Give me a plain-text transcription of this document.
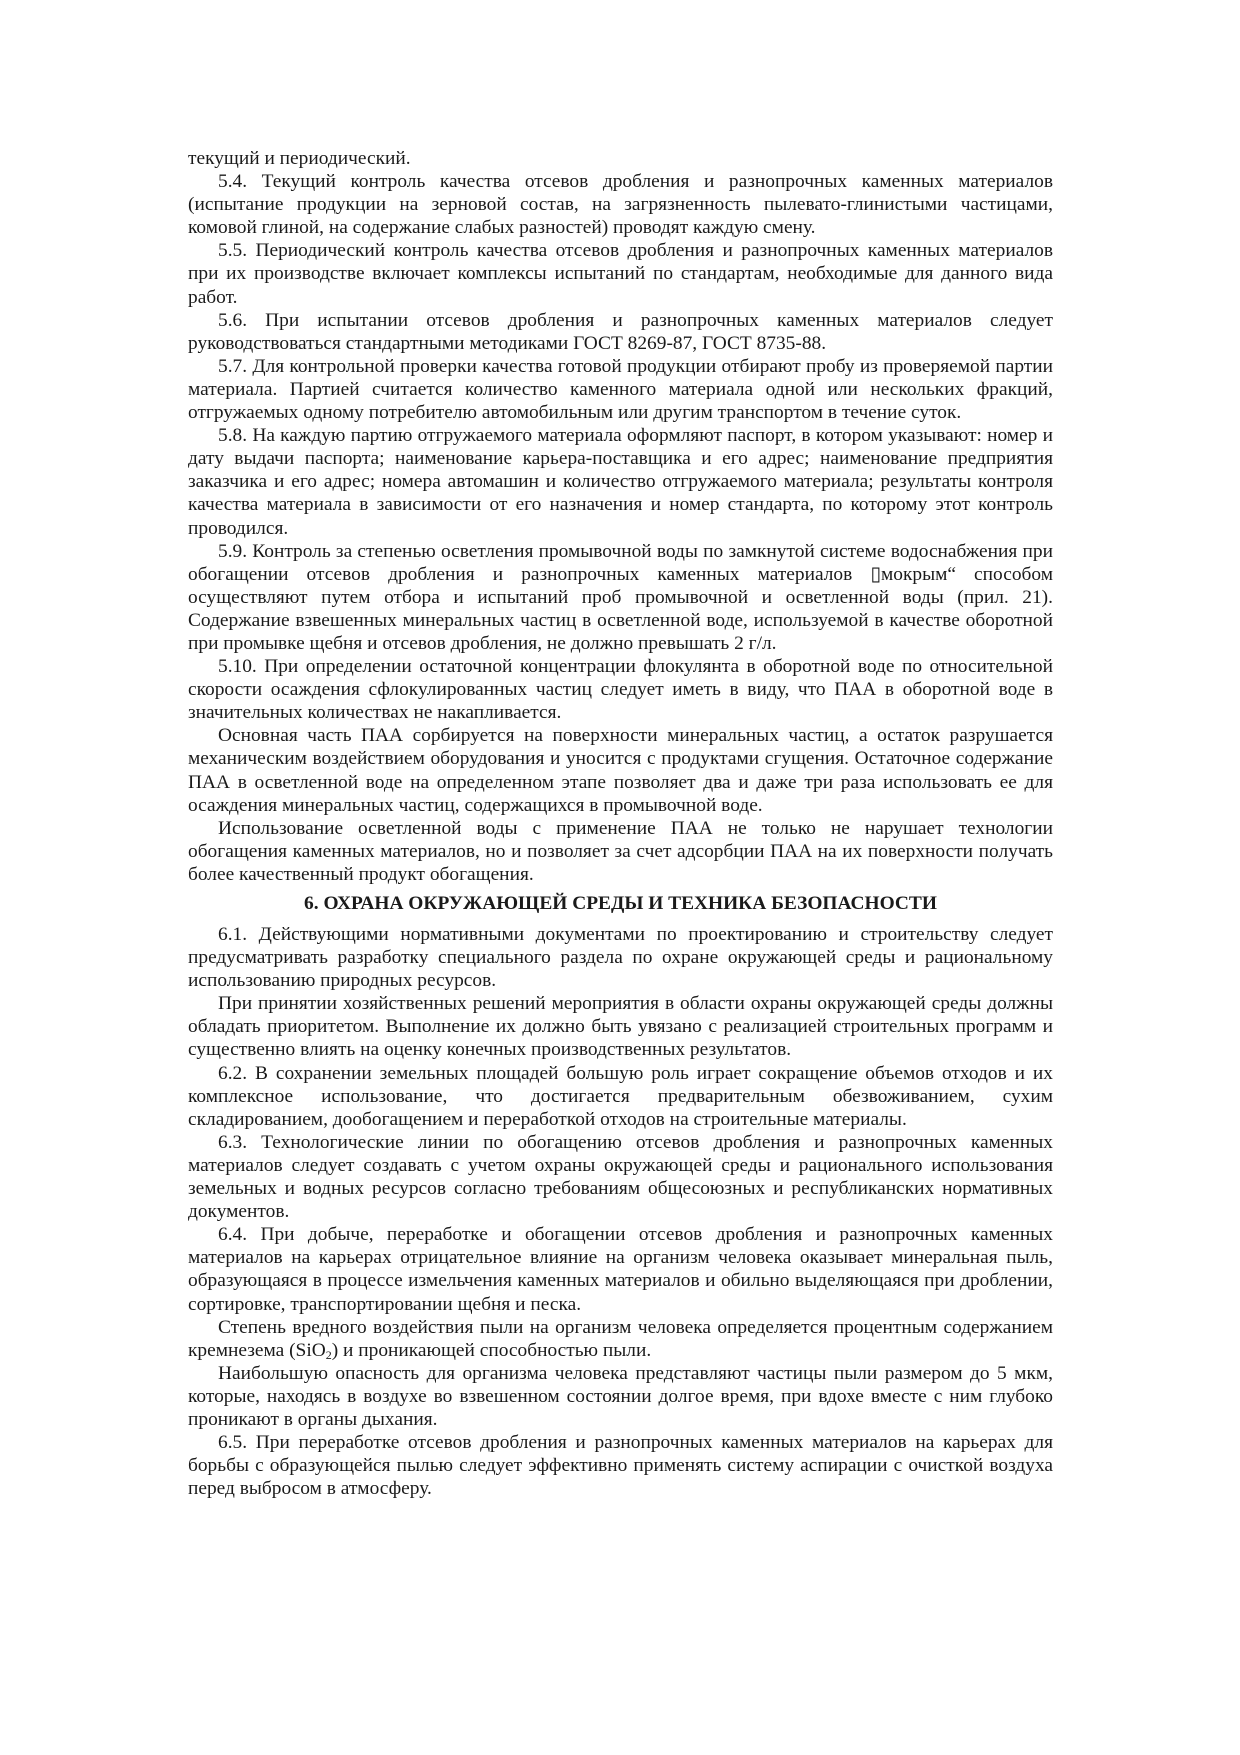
текущий и периодический.

5.4. Текущий контроль качества отсевов дробления и разнопрочных каменных материалов (испытание продукции на зерновой состав, на загрязненность пылевато-глинистыми частицами, комовой глиной, на содержание слабых разностей) проводят каждую смену.

5.5. Периодический контроль качества отсевов дробления и разнопрочных каменных материалов при их производстве включает комплексы испытаний по стандартам, необходимые для данного вида работ.

5.6. При испытании отсевов дробления и разнопрочных каменных материалов следует руководствоваться стандартными методиками ГОСТ 8269-87, ГОСТ 8735-88.

5.7. Для контрольной проверки качества готовой продукции отбирают пробу из проверяемой партии материала. Партией считается количество каменного материала одной или нескольких фракций, отгружаемых одному потребителю автомобильным или другим транспортом в течение суток.

5.8. На каждую партию отгружаемого материала оформляют паспорт, в котором указывают: номер и дату выдачи паспорта; наименование карьера-поставщика и его адрес; наименование предприятия заказчика и его адрес; номера автомашин и количество отгружаемого материала; результаты контроля качества материала в зависимости от его назначения и номер стандарта, по которому этот контроль проводился.

5.9. Контроль за степенью осветления промывочной воды по замкнутой системе водоснабжения при обогащении отсевов дробления и разнопрочных каменных материалов ▯мокрым“ способом осуществляют путем отбора и испытаний проб промывочной и осветленной воды (прил. 21). Содержание взвешенных минеральных частиц в осветленной воде, используемой в качестве оборотной при промывке щебня и отсевов дробления, не должно превышать 2 г/л.

5.10. При определении остаточной концентрации флокулянта в оборотной воде по относительной скорости осаждения сфлокулированных частиц следует иметь в виду, что ПАА в оборотной воде в значительных количествах не накапливается.

Основная часть ПАА сорбируется на поверхности минеральных частиц, а остаток разрушается механическим воздействием оборудования и уносится с продуктами сгущения. Остаточное содержание ПАА в осветленной воде на определенном этапе позволяет два и даже три раза использовать ее для осаждения минеральных частиц, содержащихся в промывочной воде.

Использование осветленной воды с применение ПАА не только не нарушает технологии обогащения каменных материалов, но и позволяет за счет адсорбции ПАА на их поверхности получать более качественный продукт обогащения.

6. ОХРАНА ОКРУЖАЮЩЕЙ СРЕДЫ И ТЕХНИКА БЕЗОПАСНОСТИ

6.1. Действующими нормативными документами по проектированию и строительству следует предусматривать разработку специального раздела по охране окружающей среды и рациональному использованию природных ресурсов.

При принятии хозяйственных решений мероприятия в области охраны окружающей среды должны обладать приоритетом. Выполнение их должно быть увязано с реализацией строительных программ и существенно влиять на оценку конечных производственных результатов.

6.2. В сохранении земельных площадей большую роль играет сокращение объемов отходов и их комплексное использование, что достигается предварительным обезвоживанием, сухим складированием, дообогащением и переработкой отходов на строительные материалы.

6.3. Технологические линии по обогащению отсевов дробления и разнопрочных каменных материалов следует создавать с учетом охраны окружающей среды и рационального использования земельных и водных ресурсов согласно требованиям общесоюзных и республиканских нормативных документов.

6.4. При добыче, переработке и обогащении отсевов дробления и разнопрочных каменных материалов на карьерах отрицательное влияние на организм человека оказывает минеральная пыль, образующаяся в процессе измельчения каменных материалов и обильно выделяющаяся при дроблении, сортировке, транспортировании щебня и песка.

Степень вредного воздействия пыли на организм человека определяется процентным содержанием кремнезема (SiO$_2$) и проникающей способностью пыли.

Наибольшую опасность для организма человека представляют частицы пыли размером до 5 мкм, которые, находясь в воздухе во взвешенном состоянии долгое время, при вдохе вместе с ним глубоко проникают в органы дыхания.

6.5. При переработке отсевов дробления и разнопрочных каменных материалов на карьерах для борьбы с образующейся пылью следует эффективно применять систему аспирации с очисткой воздуха перед выбросом в атмосферу.
